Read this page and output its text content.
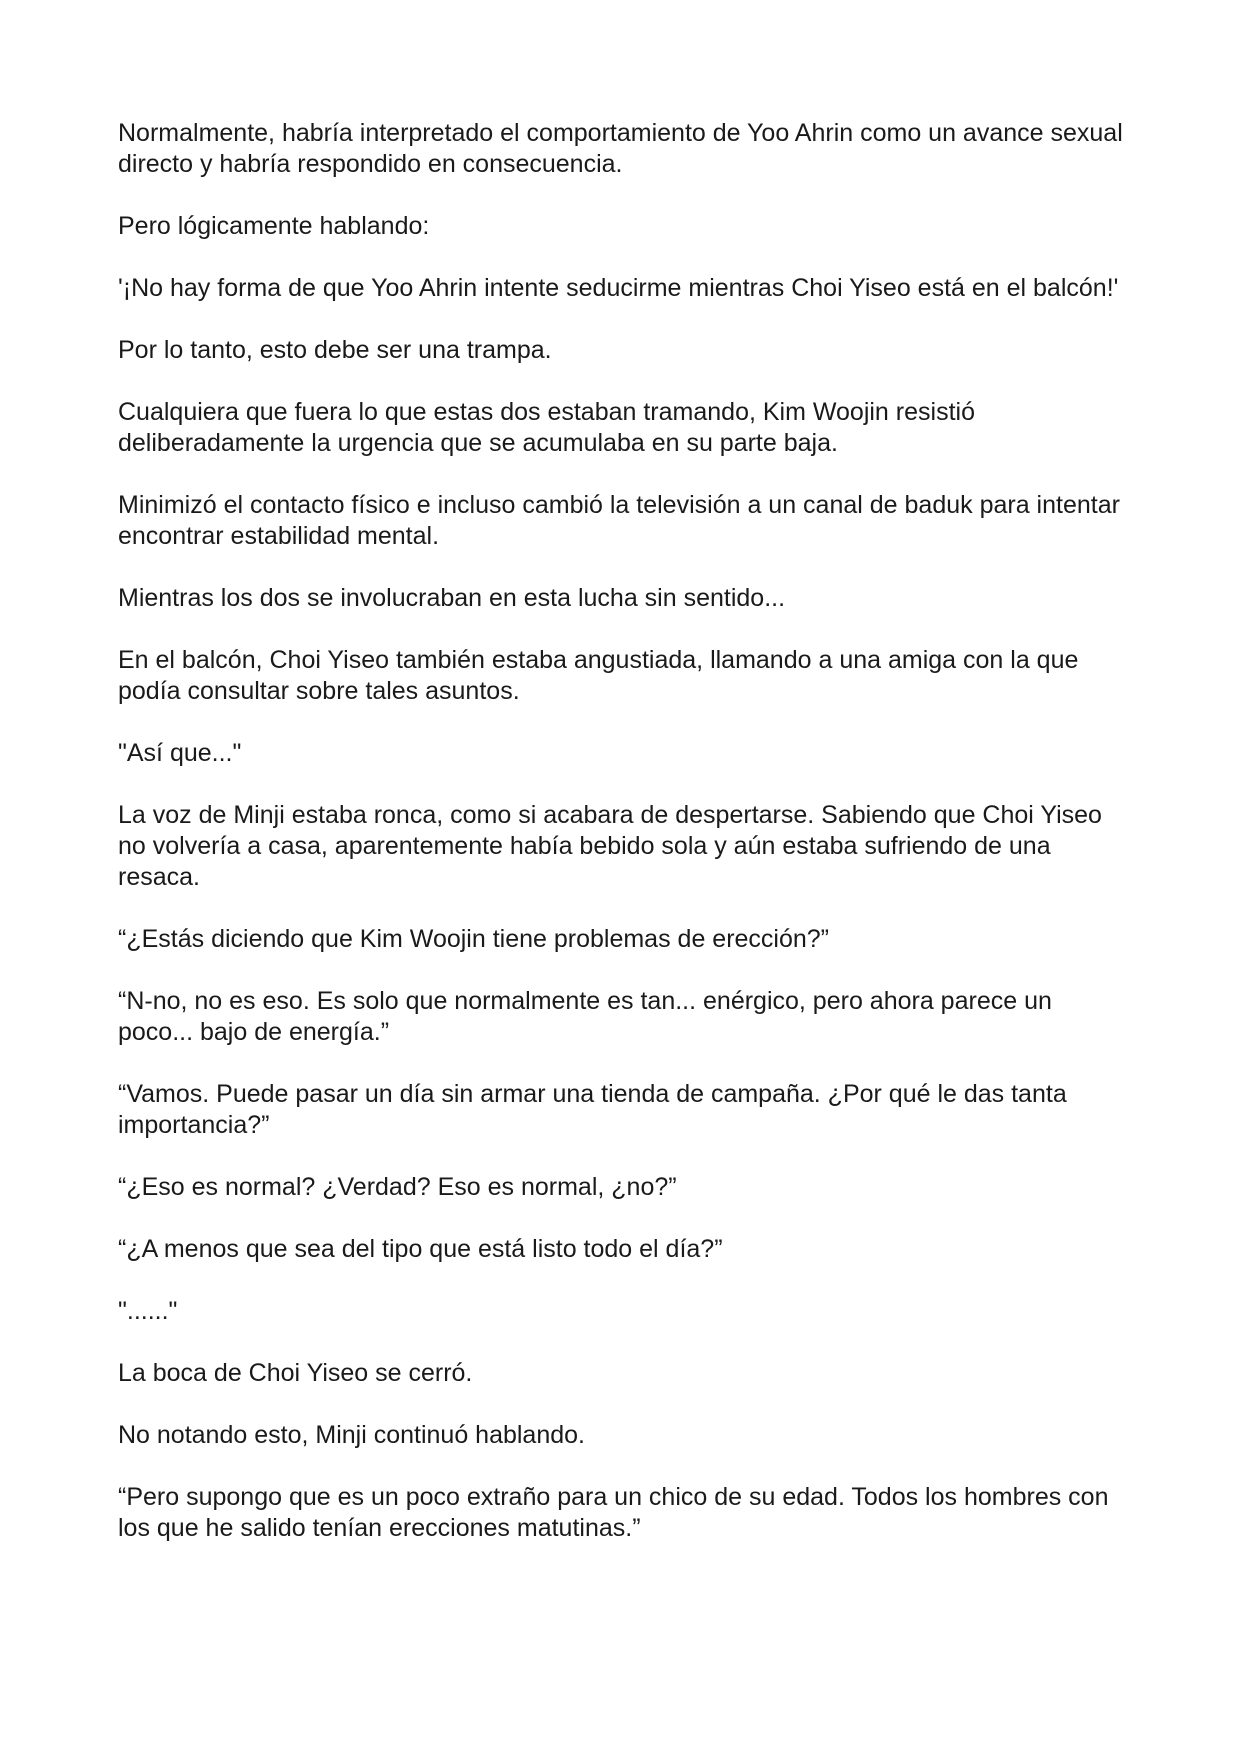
Normalmente, habría interpretado el comportamiento de Yoo Ahrin como un avance sexual directo y habría respondido en consecuencia.

Pero lógicamente hablando:

'¡No hay forma de que Yoo Ahrin intente seducirme mientras Choi Yiseo está en el balcón!'

Por lo tanto, esto debe ser una trampa.

Cualquiera que fuera lo que estas dos estaban tramando, Kim Woojin resistió deliberadamente la urgencia que se acumulaba en su parte baja.

Minimizó el contacto físico e incluso cambió la televisión a un canal de baduk para intentar encontrar estabilidad mental.

Mientras los dos se involucraban en esta lucha sin sentido...

En el balcón, Choi Yiseo también estaba angustiada, llamando a una amiga con la que podía consultar sobre tales asuntos.

"Así que..."

La voz de Minji estaba ronca, como si acabara de despertarse. Sabiendo que Choi Yiseo no volvería a casa, aparentemente había bebido sola y aún estaba sufriendo de una resaca.

“¿Estás diciendo que Kim Woojin tiene problemas de erección?”

“N-no, no es eso. Es solo que normalmente es tan... enérgico, pero ahora parece un poco... bajo de energía.”

“Vamos. Puede pasar un día sin armar una tienda de campaña. ¿Por qué le das tanta importancia?”

“¿Eso es normal? ¿Verdad? Eso es normal, ¿no?”

“¿A menos que sea del tipo que está listo todo el día?”

"......"

La boca de Choi Yiseo se cerró.

No notando esto, Minji continuó hablando.

“Pero supongo que es un poco extraño para un chico de su edad. Todos los hombres con los que he salido tenían erecciones matutinas.”
